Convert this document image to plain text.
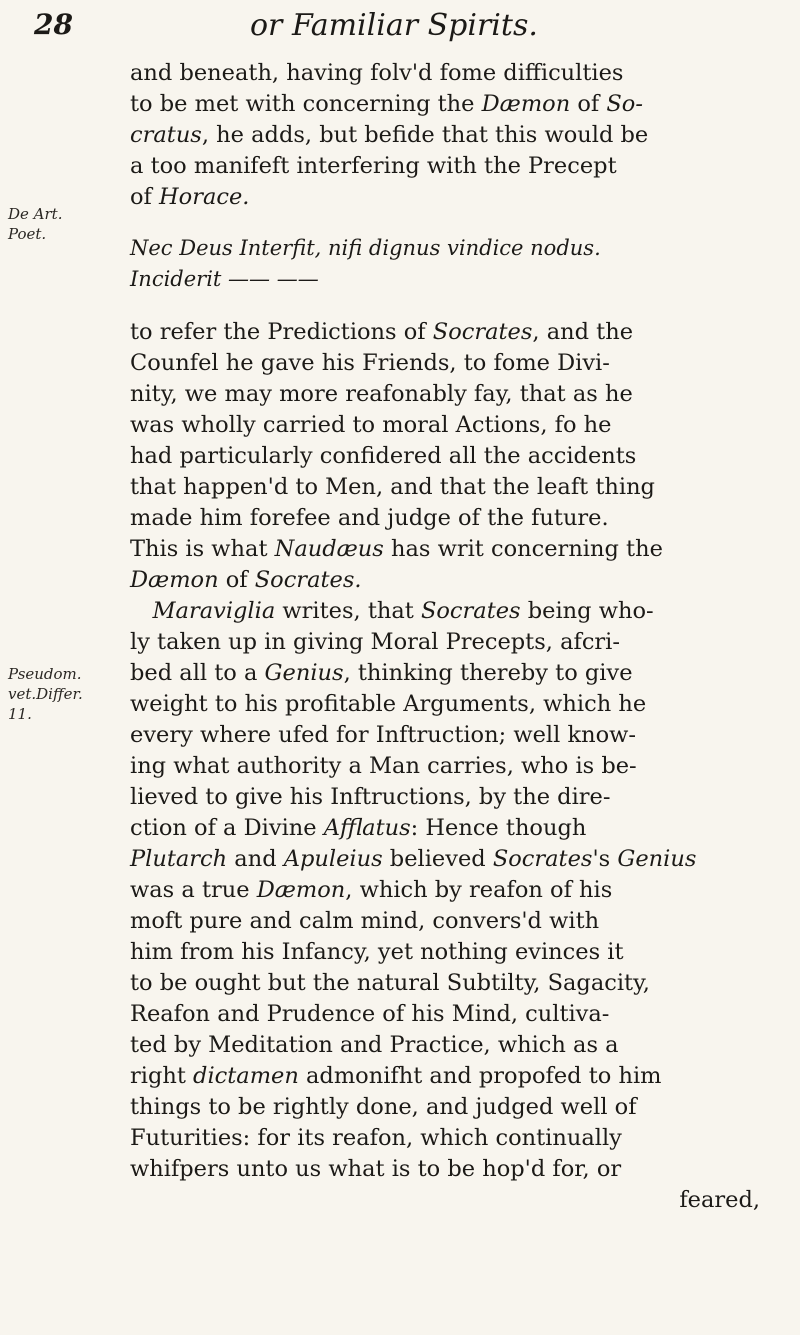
28	or Familiar Spirits.
De Art.
Poet.
Pseudom.
vet.Differ.
11.
and beneath, having folv'd fome difficulties
to be met with concerning the Dæmon of So-
cratus, he adds, but befide that this would be
a too manifeft interfering with the Precept
of Horace.
Nec Deus Interfit, nifi dignus vindice nodus.
Inciderit —— ——
to refer the Predictions of Socrates, and the
Counfel he gave his Friends, to fome Divi-
nity, we may more reafonably fay, that as he
was wholly carried to moral Actions, fo he
had particularly confidered all the accidents
that happen'd to Men, and that the leaft thing
made him forefee and judge of the future.
This is what Naudæus has writ concerning the
Dæmon of Socrates.
 Maraviglia writes, that Socrates being who-
ly taken up in giving Moral Precepts, afcri-
bed all to a Genius, thinking thereby to give
weight to his profitable Arguments, which he
every where ufed for Inftruction; well know-
ing what authority a Man carries, who is be-
lieved to give his Inftructions, by the dire-
ction of a Divine Afflatus: Hence though
Plutarch and Apuleius believed Socrates's Genius
was a true Dæmon, which by reafon of his
moft pure and calm mind, convers'd with
him from his Infancy, yet nothing evinces it
to be ought but the natural Subtilty, Sagacity,
Reafon and Prudence of his Mind, cultiva-
ted by Meditation and Practice, which as a
right dictamen admonifht and propofed to him
things to be rightly done, and judged well of
Futurities: for its reafon, which continually
whifpers unto us what is to be hop'd for, or
feared,
